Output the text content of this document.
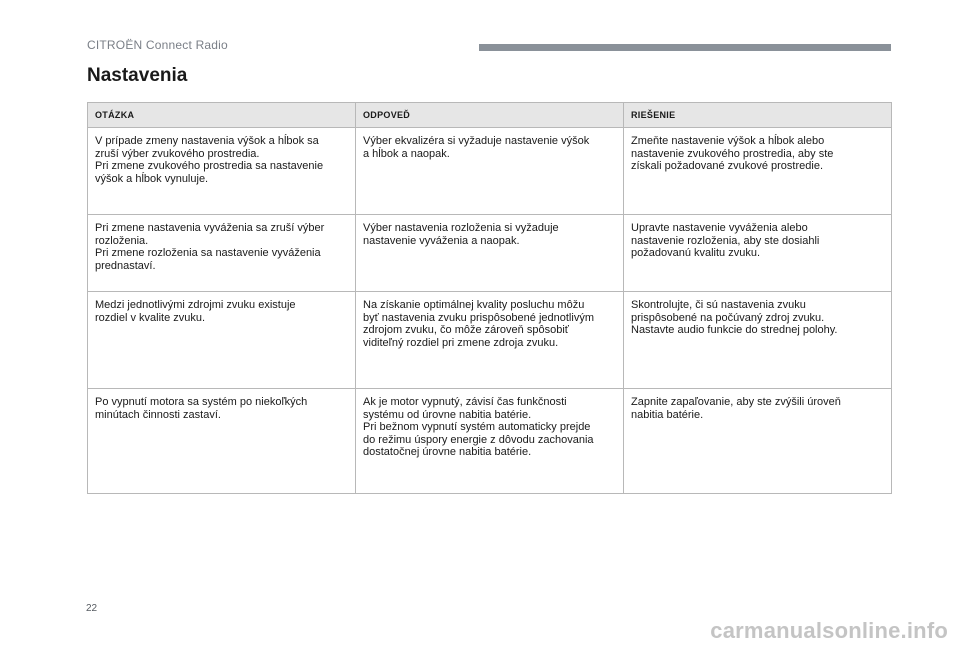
CITROËN Connect Radio
Nastavenia
OTÁZKA	ODPOVEĎ	RIEŠENIE

V prípade zmeny nastavenia výšok a hĺbok sa
zruší výber zvukového prostredia.
Pri zmene zvukového prostredia sa nastavenie
výšok a hĺbok vynuluje.	Výber ekvalizéra si vyžaduje nastavenie výšok
a hĺbok a naopak.	Zmeňte nastavenie výšok a hĺbok alebo
nastavenie zvukového prostredia, aby ste
získali požadované zvukové prostredie.

Pri zmene nastavenia vyváženia sa zruší výber
rozloženia.
Pri zmene rozloženia sa nastavenie vyváženia
prednastaví.	Výber nastavenia rozloženia si vyžaduje
nastavenie vyváženia a naopak.	Upravte nastavenie vyváženia alebo
nastavenie rozloženia, aby ste dosiahli
požadovanú kvalitu zvuku.

Medzi jednotlivými zdrojmi zvuku existuje
rozdiel v kvalite zvuku.	Na získanie optimálnej kvality posluchu môžu
byť nastavenia zvuku prispôsobené jednotlivým
zdrojom zvuku, čo môže zároveň spôsobiť
viditeľný rozdiel pri zmene zdroja zvuku.	Skontrolujte, či sú nastavenia zvuku
prispôsobené na počúvaný zdroj zvuku.
Nastavte audio funkcie do strednej polohy.

Po vypnutí motora sa systém po niekoľkých
minútach činnosti zastaví.	Ak je motor vypnutý, závisí čas funkčnosti
systému od úrovne nabitia batérie.
Pri bežnom vypnutí systém automaticky prejde
do režimu úspory energie z dôvodu zachovania
dostatočnej úrovne nabitia batérie.	Zapnite zapaľovanie, aby ste zvýšili úroveň
nabitia batérie.
22
carmanualsonline.info
